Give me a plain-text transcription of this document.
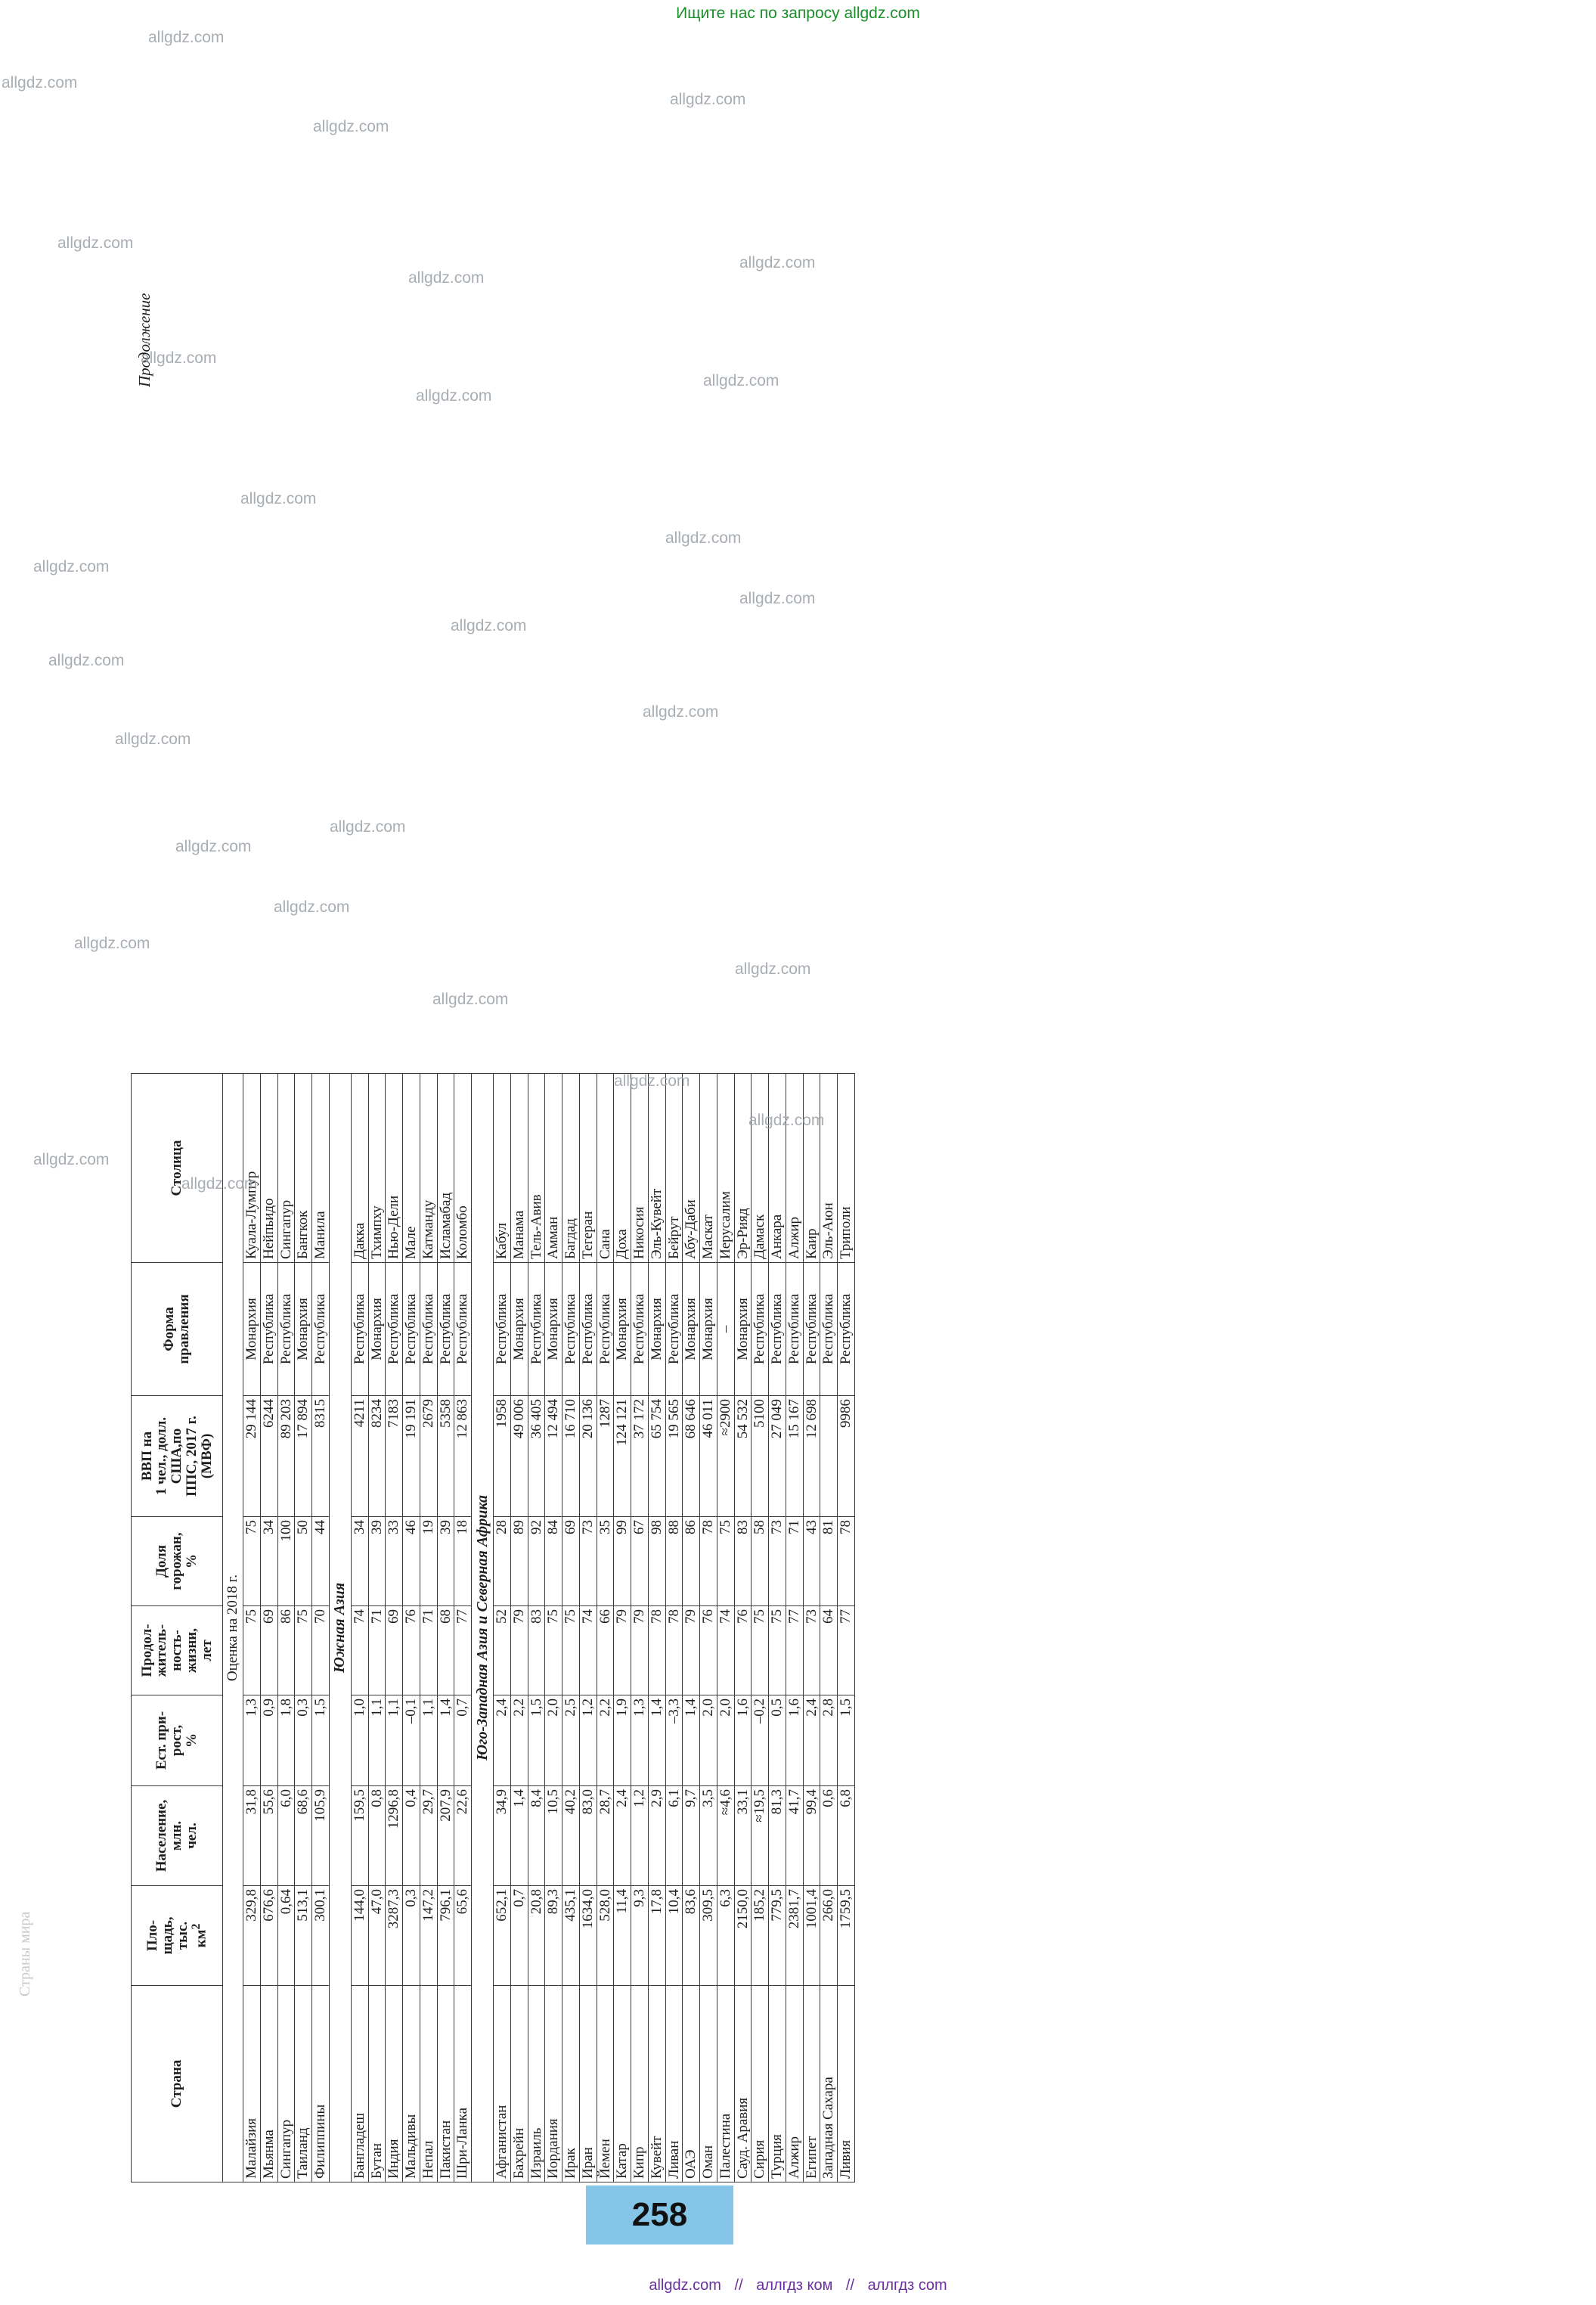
Ищите нас по запросу allgdz.com
Продолжение
Страна	Пло-
щадь,
тыс. $км^2$	Население,
млн.
чел.	Ест. при-
рост,
%	Продол-
житель-
ность-
жизни,
лет	Доля
горожан,
%	ВВП на
1 чел., долл.
США,по
ППС, 2017 г.
(МВФ)	Форма
правления	Столица
Оценка на 2018 г.								
Малайзия	329,8	31,8	1,3	75	75	29 144	Монархия	Куала-Лумпур
Мьянма	676,6	55,6	0,9	69	34	6244	Республика	Нейпьидо
Сингапур	0,64	6,0	1,8	86	100	89 203	Республика	Сингапур
Таиланд	513,1	68,6	0,3	75	50	17 894	Монархия	Бангкок
Филиппины	300,1	105,9	1,5	70	44	8315	Республика	Манила
Южная Азия								
Бангладеш	144,0	159,5	1,0	74	34	4211	Республика	Дакка
Бутан	47,0	0,8	1,1	71	39	8234	Монархия	Тхимпху
Индия	3287,3	1296,8	1,1	69	33	7183	Республика	Нью-Дели
Мальдивы	0,3	0,4	–0,1	76	46	19 191	Республика	Мале
Непал	147,2	29,7	1,1	71	19	2679	Республика	Катманду
Пакистан	796,1	207,9	1,4	68	39	5358	Республика	Исламабад
Шри-Ланка	65,6	22,6	0,7	77	18	12 863	Республика	Коломбо
Юго-Западная Азия и Северная Африка								
Афганистан	652,1	34,9	2,4	52	28	1958	Республика	Кабул
Бахрейн	0,7	1,4	2,2	79	89	49 006	Монархия	Манама
Израиль	20,8	8,4	1,5	83	92	36 405	Республика	Тель-Авив
Иордания	89,3	10,5	2,0	75	84	12 494	Монархия	Амман
Ирак	435,1	40,2	2,5	75	69	16 710	Республика	Багдад
Иран	1634,0	83,0	1,2	74	73	20 136	Республика	Тегеран
Йемен	528,0	28,7	2,2	66	35	1287	Республика	Сана
Катар	11,4	2,4	1,9	79	99	124 121	Монархия	Доха
Кипр	9,3	1,2	1,3	79	67	37 172	Республика	Никосия
Кувейт	17,8	2,9	1,4	78	98	65 754	Монархия	Эль-Кувейт
Ливан	10,4	6,1	–3,3	78	88	19 565	Республика	Бейрут
ОАЭ	83,6	9,7	1,4	79	86	68 646	Монархия	Абу-Даби
Оман	309,5	3,5	2,0	76	78	46 011	Монархия	Маскат
Палестина	6,3	≈4,6	2,0	74	75	≈2900	–	Иерусалим
Сауд. Аравия	2150,0	33,1	1,6	76	83	54 532	Монархия	Эр-Рияд
Сирия	185,2	≈19,5	–0,2	75	58	5100	Республика	Дамаск
Турция	779,5	81,3	0,5	75	73	27 049	Республика	Анкара
Алжир	2381,7	41,7	1,6	77	71	15 167	Республика	Алжир
Египет	1001,4	99,4	2,4	73	43	12 698	Республика	Каир
Западная Сахара	266,0	0,6	2,8	64	81		Республика	Эль-Аюн
Ливия	1759,5	6,8	1,5	77	78	9986	Республика	Триполи
258
allgdz.com // аллгдз ком // аллгдз com
Страны мира
allgdz.com
allgdz.com
allgdz.com
allgdz.com
allgdz.com
allgdz.com
allgdz.com
allgdz.com
allgdz.com
allgdz.com
allgdz.com
allgdz.com
allgdz.com
allgdz.com
allgdz.com
allgdz.com
allgdz.com
allgdz.com
allgdz.com
allgdz.com
allgdz.com
allgdz.com
allgdz.com
allgdz.com
allgdz.com
allgdz.com
allgdz.com
allgdz.com
